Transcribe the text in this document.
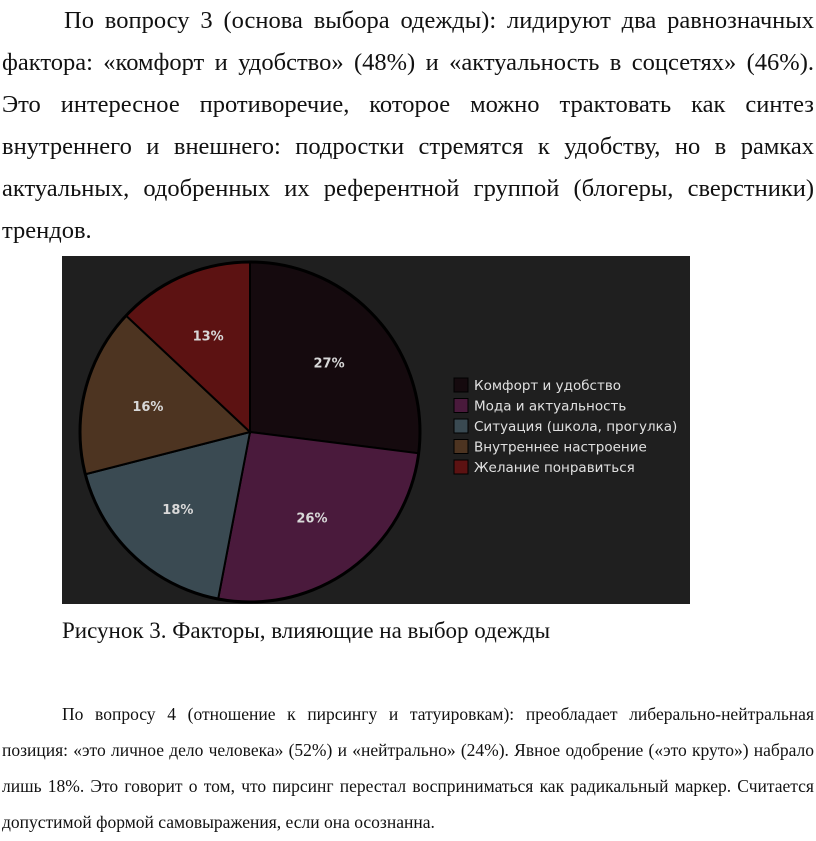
По вопросу 3 (основа выбора одежды): лидируют два равнозначных фактора: «комфорт и удобство» (48%) и «актуальность в соцсетях» (46%). Это интересное противоречие, которое можно трактовать как синтез внутреннего и внешнего: подростки стремятся к удобству, но в рамках актуальных, одобренных их референтной группой (блогеры, сверстники) трендов.

27%
26%
18%
16%
13%
Комфорт и удобство
Мода и актуальность
Ситуация (школа, прогулка)
Внутреннее настроение
Желание понравиться

Рисунок 3. Факторы, влияющие на выбор одежды

По вопросу 4 (отношение к пирсингу и татуировкам): преобладает либерально-нейтральная позиция: «это личное дело человека» (52%) и «нейтрально» (24%). Явное одобрение («это круто») набрало лишь 18%. Это говорит о том, что пирсинг перестал восприниматься как радикальный маркер. Считается допустимой формой самовыражения, если она осознанна.
